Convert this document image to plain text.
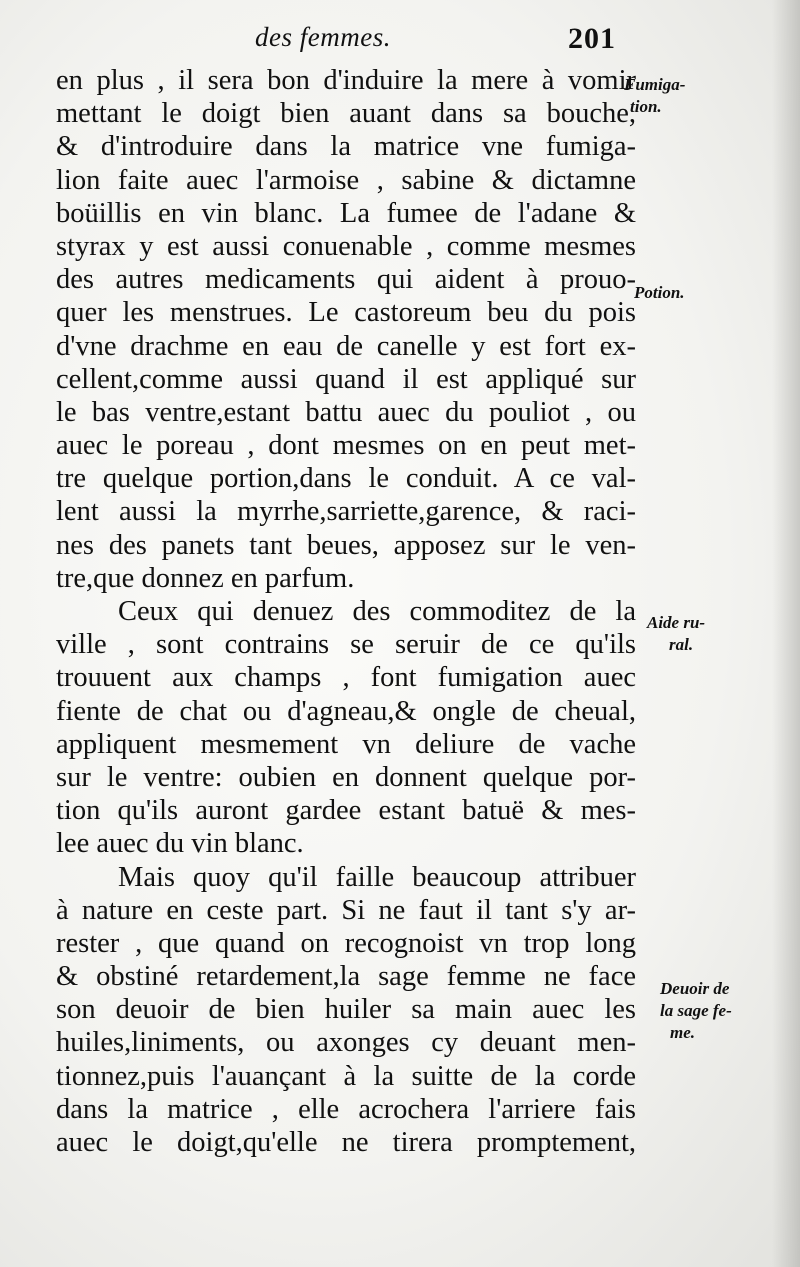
des femmes.	201
en plus , il sera bon d'induire la mere à vomir
mettant le doigt bien auant dans sa bouche,
& d'introduire dans la matrice vne fumiga-
lion faite auec l'armoise , sabine & dictamne
boüillis en vin blanc. La fumee de l'adane &
styrax y est aussi conuenable , comme mesmes
des autres medicaments qui aident à prouo-
quer les menstrues. Le castoreum beu du pois
d'vne drachme en eau de canelle y est fort ex-
cellent,comme aussi quand il est appliqué sur
le bas ventre,estant battu auec du pouliot , ou
auec le poreau , dont mesmes on en peut met-
tre quelque portion,dans le conduit. A ce val-
lent aussi la myrrhe,sarriette,garence, & raci-
nes des panets tant beues, apposez sur le ven-
tre,que donnez en parfum.
Ceux qui denuez des commoditez de la
ville , sont contrains se seruir de ce qu'ils
trouuent aux champs , font fumigation auec
fiente de chat ou d'agneau,& ongle de cheual,
appliquent mesmement vn deliure de vache
sur le ventre: oubien en donnent quelque por-
tion qu'ils auront gardee estant batuë & mes-
lee auec du vin blanc.
Mais quoy qu'il faille beaucoup attribuer
à nature en ceste part. Si ne faut il tant s'y ar-
rester , que quand on recognoist vn trop long
& obstiné retardement,la sage femme ne face
son deuoir de bien huiler sa main auec les
huiles,liniments, ou axonges cy deuant men-
tionnez,puis l'auançant à la suitte de la corde
dans la matrice , elle acrochera l'arriere fais
auec le doigt,qu'elle ne tirera promptement,
Fumiga-
tion.
Potion.
Aide ru-
ral.
Deuoir de
la sage fe-
me.
